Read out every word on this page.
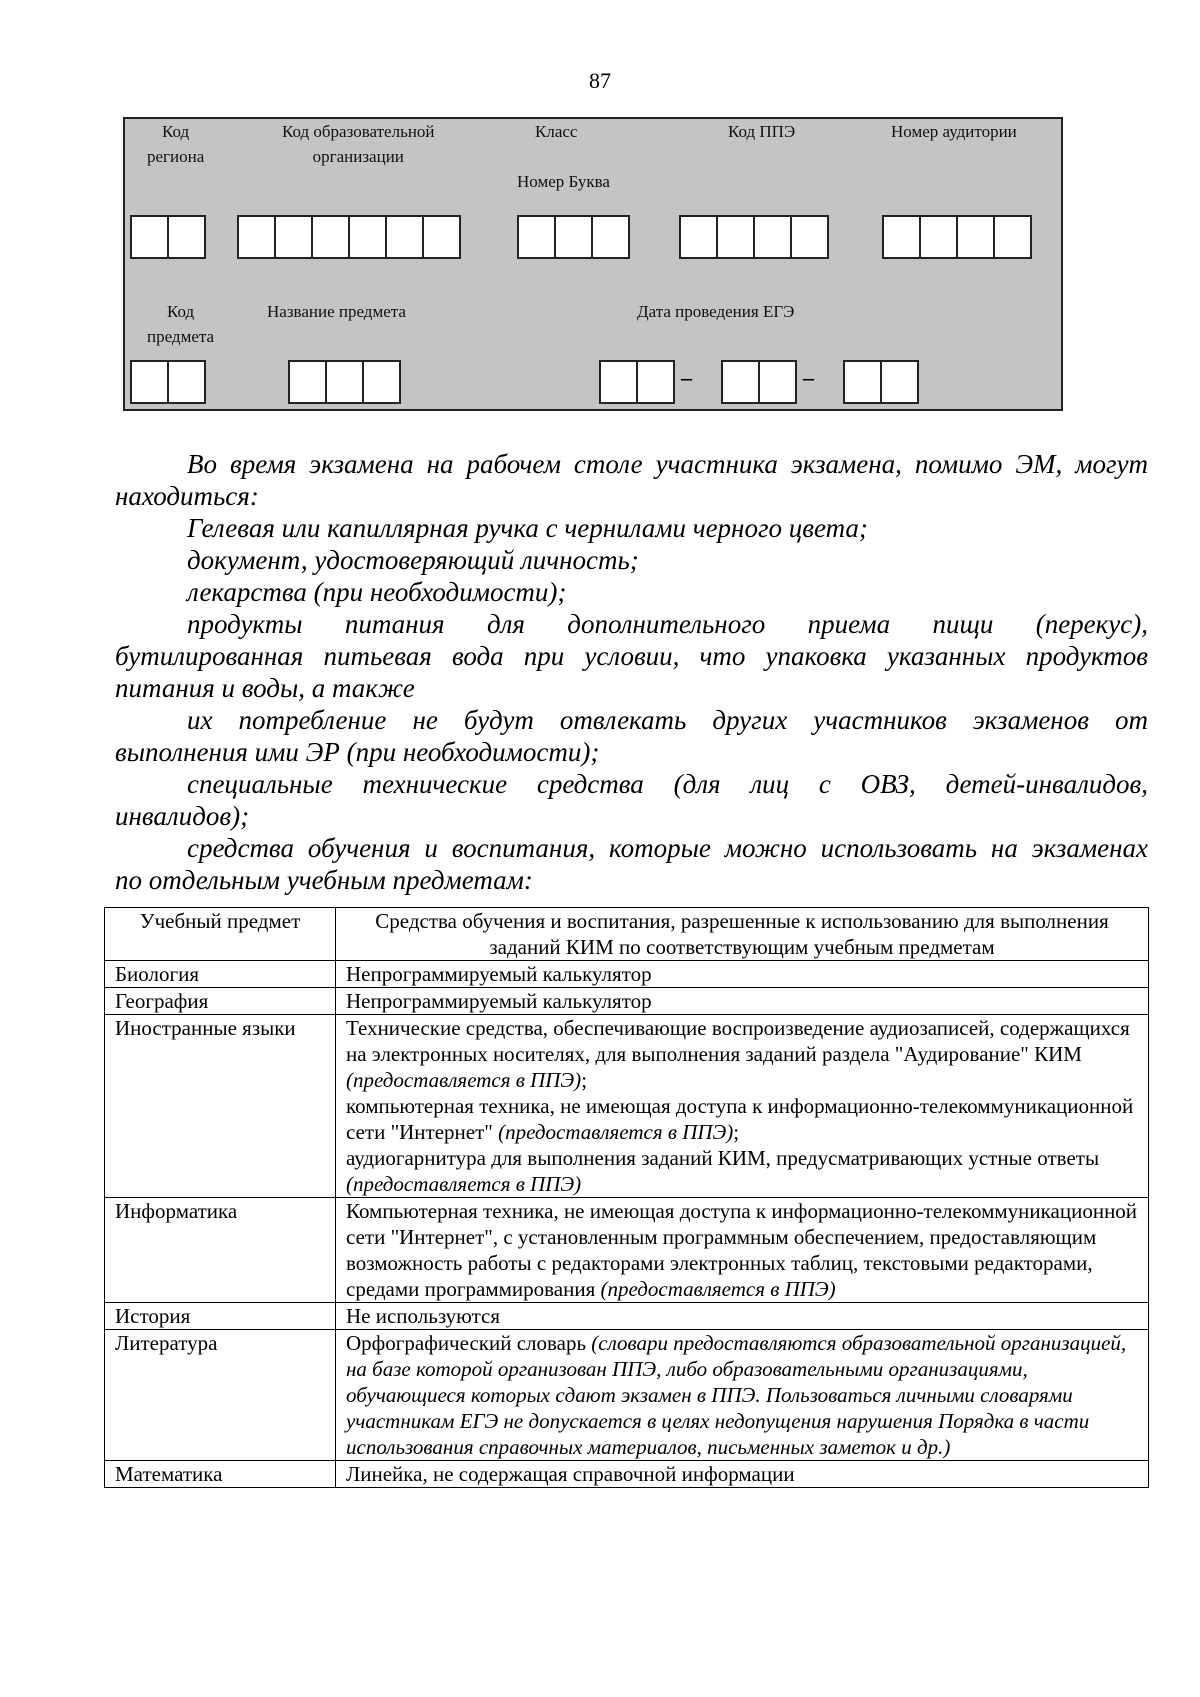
87
Код
региона
Код образовательной
организации
Класс
Номер Буква
Код ППЭ	Номер аудитории
Код
предмета
Название предмета	Дата проведения ЕГЭ
–	–
Во время экзамена на рабочем столе участника экзамена, помимо ЭМ, могут
находиться:
Гелевая или капиллярная ручка с чернилами черного цвета;
документ, удостоверяющий личность;
лекарства (при необходимости);
продукты питания для дополнительного приема пищи (перекус),
бутилированная питьевая вода при условии, что упаковка указанных продуктов
питания и воды, а также
их потребление не будут отвлекать других участников экзаменов от
выполнения ими ЭР (при необходимости);
специальные технические средства (для лиц с ОВЗ, детей-инвалидов,
инвалидов);
средства обучения и воспитания, которые можно использовать на экзаменах
по отдельным учебным предметам:
Учебный предмет	Средства обучения и воспитания, разрешенные к использованию для выполнения заданий КИМ по соответствующим учебным предметам
Биология	Непрограммируемый калькулятор
География	Непрограммируемый калькулятор
Иностранные языки	Технические средства, обеспечивающие воспроизведение аудиозаписей, содержащихся на электронных носителях, для выполнения заданий раздела "Аудирование" КИМ (предоставляется в ППЭ);
компьютерная техника, не имеющая доступа к информационно-телекоммуникационной сети "Интернет" (предоставляется в ППЭ);
аудиогарнитура для выполнения заданий КИМ, предусматривающих устные ответы (предоставляется в ППЭ)
Информатика	Компьютерная техника, не имеющая доступа к информационно-телекоммуникационной сети "Интернет", с установленным программным обеспечением, предоставляющим возможность работы с редакторами электронных таблиц, текстовыми редакторами, средами программирования (предоставляется в ППЭ)
История	Не используются
Литература	Орфографический словарь (словари предоставляются образовательной организацией, на базе которой организован ППЭ, либо образовательными организациями, обучающиеся которых сдают экзамен в ППЭ. Пользоваться личными словарями участникам ЕГЭ не допускается в целях недопущения нарушения Порядка в части использования справочных материалов, письменных заметок и др.)
Математика	Линейка, не содержащая справочной информации
